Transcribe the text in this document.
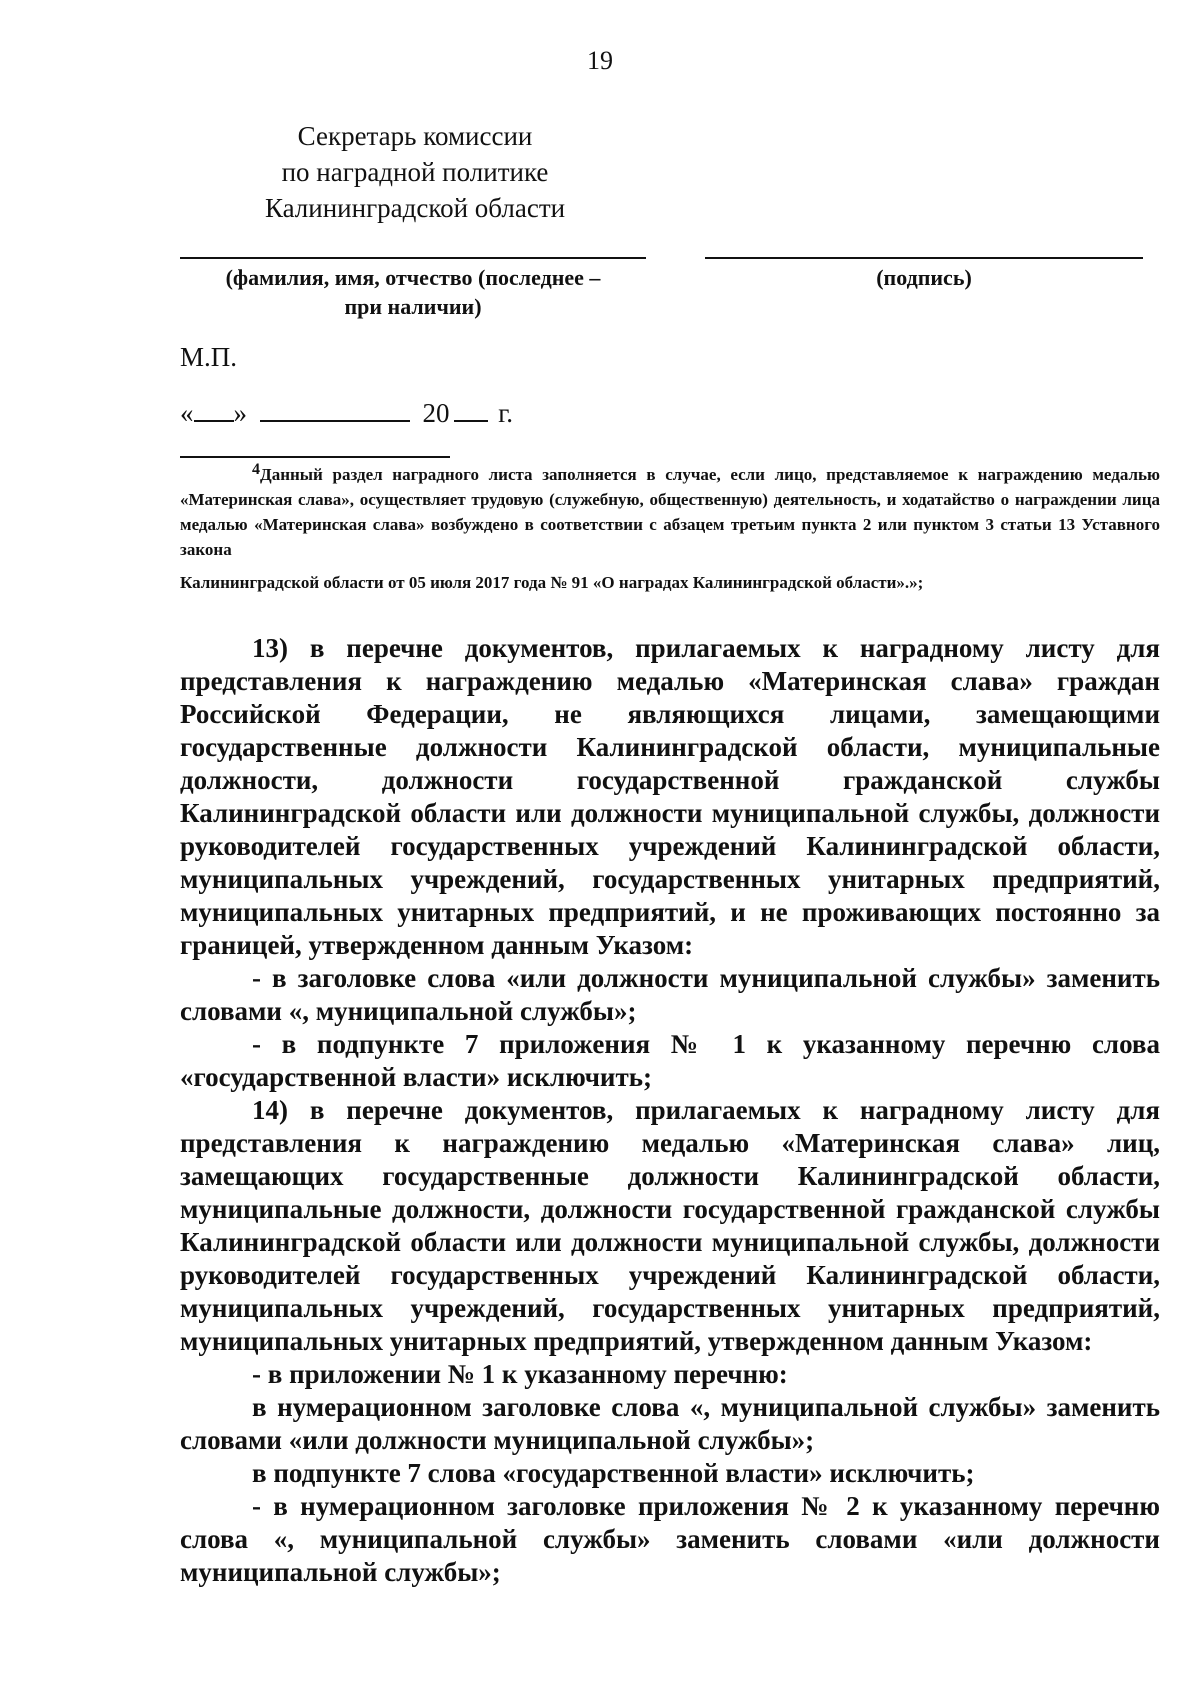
19
Секретарь комиссии
по наградной политике
Калининградской области
(фамилия, имя, отчество (последнее –
при наличии)
(подпись)
М.П.
« »	20 г.
$^4$Данный раздел наградного листа заполняется в случае, если лицо, представляемое к награждению медалью «Материнская слава», осуществляет трудовую (служебную, общественную) деятельность, и ходатайство о награждении лица медалью «Материнская слава» возбуждено в соответствии с абзацем третьим пункта 2 или пунктом 3 статьи 13 Уставного закона
Калининградской области от 05 июля 2017 года № 91 «О наградах Калининградской области».»;

13) в перечне документов, прилагаемых к наградному листу для представления к награждению медалью «Материнская слава» граждан Российской Федерации, не являющихся лицами, замещающими государственные должности Калининградской области, муниципальные должности, должности государственной гражданской службы Калининградской области или должности муниципальной службы, должности руководителей государственных учреждений Калининградской области, муниципальных учреждений, государственных унитарных предприятий, муниципальных унитарных предприятий, и не проживающих постоянно за границей, утвержденном данным Указом:

- в заголовке слова «или должности муниципальной службы» заменить словами «, муниципальной службы»;

- в подпункте 7 приложения № 1 к указанному перечню слова «государственной власти» исключить;

14) в перечне документов, прилагаемых к наградному листу для представления к награждению медалью «Материнская слава» лиц, замещающих государственные должности Калининградской области, муниципальные должности, должности государственной гражданской службы Калининградской области или должности муниципальной службы, должности руководителей государственных учреждений Калининградской области, муниципальных учреждений, государственных унитарных предприятий, муниципальных унитарных предприятий, утвержденном данным Указом:

- в приложении № 1 к указанному перечню:

в нумерационном заголовке слова «, муниципальной службы» заменить словами «или должности муниципальной службы»;

в подпункте 7 слова «государственной власти» исключить;

- в нумерационном заголовке приложения № 2 к указанному перечню слова «, муниципальной службы» заменить словами «или должности муниципальной службы»;
